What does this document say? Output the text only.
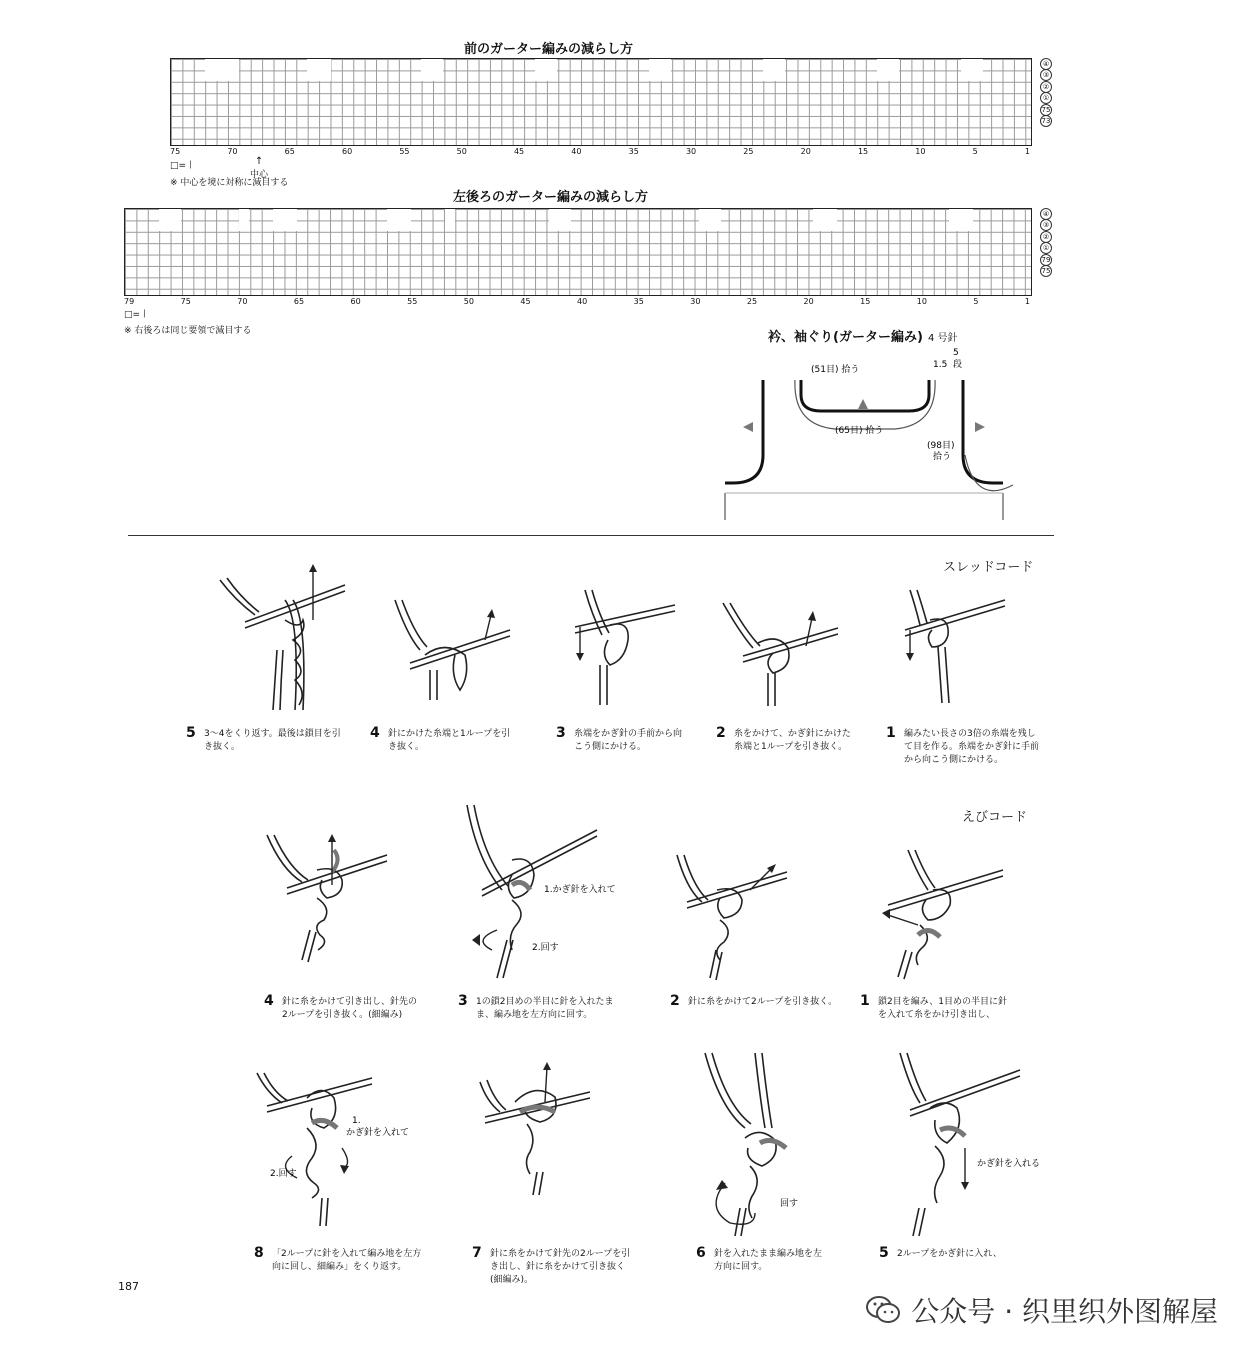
前のガーター編みの減らし方
④
③
②
①
75
73
75	70	65	60	55	50	45	40	35	30	25	20	15	10	5	1
↑
中心
□=〡
※ 中心を境に対称に減目する
左後ろのガーター編みの減らし方
④
③
②
①
79
75
79	75	70	65	60	55	50	45	40	35	30	25	20	15	10	5	1
□=〡
※ 右後ろは同じ要領で減目する	衿、袖ぐり(ガーター編み) 4 号針
(51目) 拾う
(65目) 拾う
(98目)
拾う
1.5
5
段
スレッドコード
5 3〜4をくり返す。最後は鎖目を引き抜く。
4 針にかけた糸端と1ループを引き抜く。
3 糸端をかぎ針の手前から向こう側にかける。
2 糸をかけて、かぎ針にかけた糸端と1ループを引き抜く。
1 編みたい長さの3倍の糸端を残して目を作る。糸端をかぎ針に手前から向こう側にかける。
えびコード
1.かぎ針を入れて
2.回す
4 針に糸をかけて引き出し、針先の2ループを引き抜く。(細編み)
3 1の鎖2目めの半目に針を入れたまま、編み地を左方向に回す。
2 針に糸をかけて2ループを引き抜く。 1 鎖2目を編み、1目めの半目に針を入れて糸をかけ引き出し、
1.
かぎ針を入れて
2.回す
回す
かぎ針を入れる
8 「2ループに針を入れて編み地を左方向に回し、細編み」をくり返す。
7 針に糸をかけて針先の2ループを引き出し、針に糸をかけて引き抜く(細編み)。
6 針を入れたまま編み地を左方向に回す。
5 2ループをかぎ針に入れ、
187
公众号 · 织里织外图解屋
